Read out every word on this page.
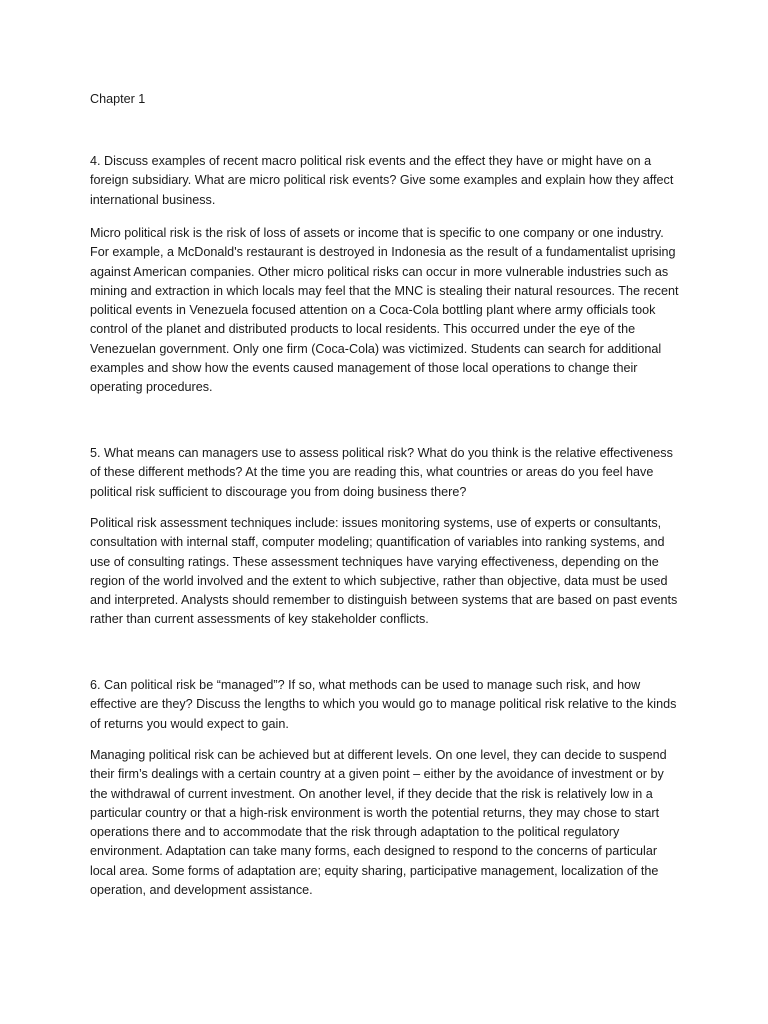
Chapter 1

4. Discuss examples of recent macro political risk events and the effect they have or might have on a foreign subsidiary. What are micro political risk events? Give some examples and explain how they affect international business.

Micro political risk is the risk of loss of assets or income that is specific to one company or one industry. For example, a McDonald's restaurant is destroyed in Indonesia as the result of a fundamentalist uprising against American companies. Other micro political risks can occur in more vulnerable industries such as mining and extraction in which locals may feel that the MNC is stealing their natural resources. The recent political events in Venezuela focused attention on a Coca-Cola bottling plant where army officials took control of the planet and distributed products to local residents. This occurred under the eye of the Venezuelan government. Only one firm (Coca-Cola) was victimized. Students can search for additional examples and show how the events caused management of those local operations to change their operating procedures.

5. What means can managers use to assess political risk? What do you think is the relative effectiveness of these different methods? At the time you are reading this, what countries or areas do you feel have political risk sufficient to discourage you from doing business there?

Political risk assessment techniques include: issues monitoring systems, use of experts or consultants, consultation with internal staff, computer modeling; quantification of variables into ranking systems, and use of consulting ratings. These assessment techniques have varying effectiveness, depending on the region of the world involved and the extent to which subjective, rather than objective, data must be used and interpreted. Analysts should remember to distinguish between systems that are based on past events rather than current assessments of key stakeholder conflicts.

6. Can political risk be “managed”? If so, what methods can be used to manage such risk, and how effective are they? Discuss the lengths to which you would go to manage political risk relative to the kinds of returns you would expect to gain.

Managing political risk can be achieved but at different levels. On one level, they can decide to suspend their firm’s dealings with a certain country at a given point – either by the avoidance of investment or by the withdrawal of current investment. On another level, if they decide that the risk is relatively low in a particular country or that a high-risk environment is worth the potential returns, they may chose to start operations there and to accommodate that the risk through adaptation to the political regulatory environment. Adaptation can take many forms, each designed to respond to the concerns of particular local area. Some forms of adaptation are; equity sharing, participative management, localization of the operation, and development assistance.
